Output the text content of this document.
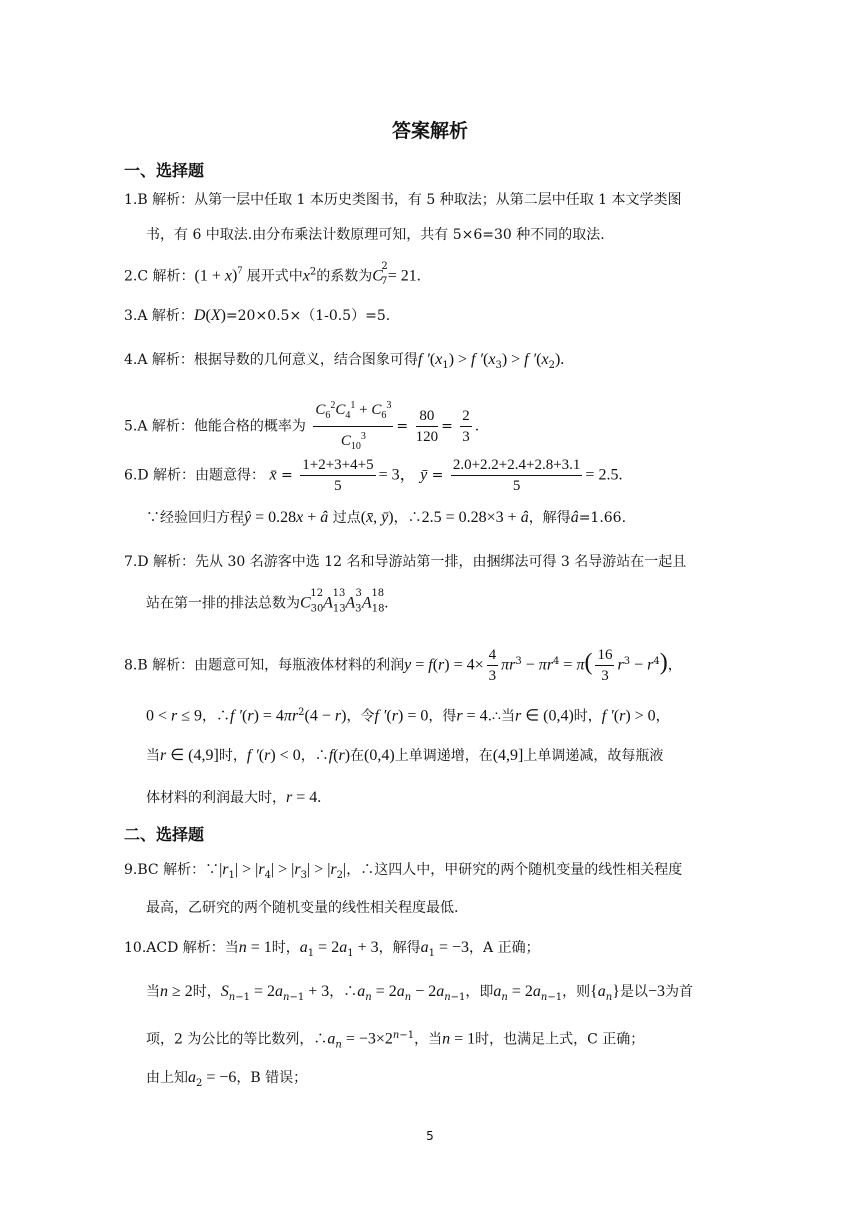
答案解析
一、选择题
1.B 解析：从第一层中任取 1 本历史类图书，有 5 种取法；从第二层中任取 1 本文学类图
书，有 6 中取法.由分布乘法计数原理可知，共有 5×6=30 种不同的取法.
2.C 解析：$(1 + x)^7$ 展开式中$x^2$的系数为$C_7^2= 21$.
3.A 解析：D(X)=20×0.5×（1-0.5）=5.
4.A 解析：根据导数的几何意义，结合图象可得f $'(x_1) > f$ $'(x_3) > f$ $'(x_2)$.
5.A 解析：他能合格的概率为 $\frac{C_6^2C_4^1 + C_6^3}{C_{10}^3} = \frac{80}{120} = \frac{2}{3}$ .
6.D 解析：由题意得： x̄ = $\frac{1+2+3+4+5}{5} = 3$， ȳ = $\frac{2.0+2.2+2.4+2.8+3.1}{5} = 2.5$.
∵经验回归方程ŷ = 0.28x + â 过点(x̄, ȳ)，∴2.5 = 0.28×3 + â，解得â=1.66.
7.D 解析：先从 30 名游客中选 12 名和导游站第一排，由捆绑法可得 3 名导游站在一起且
站在第一排的排法总数为$C_{30}^{12}A_{13}^{13}A_3^3A_{18}^{18}$.
8.B 解析：由题意可知，每瓶液体材料的利润$y = f(r) = 4\times \frac{4}{3} \pi r^3 - \pi r^4 = \pi( \frac{16}{3} r^3 - r^4)$，
0 < r ≤ 9，∴f $'(r) = 4\pi r^2(4 - r)$，令f ′(r) = 0，得r = 4.∴当r ∈ (0,4)时，f ′(r) > 0，
当r ∈ (4,9]时，f ′(r) < 0，∴f(r)在(0,4)上单调递增，在(4,9]上单调递减，故每瓶液
体材料的利润最大时，r = 4.
二、选择题
9.BC 解析：$\because|r_1| > |r_4| > |r_3| > |r_2|$，∴这四人中，甲研究的两个随机变量的线性相关程度
最高，乙研究的两个随机变量的线性相关程度最低.
10.ACD 解析：当n = 1时，$a_1 = 2a_1 + 3$，解得$a_1 = -3$，A 正确；
当n ≥ 2时，$S_{n-1} = 2a_{n-1} + 3$，$\therefore a_n = 2a_n - 2a_{n-1}$，即$a_n = 2a_{n-1}$，则$\{a_n\}$是以−3为首
项，2 为公比的等比数列，$\therefore a_n = -3\times 2^{n-1}$，当n = 1时，也满足上式，C 正确；
由上知$a_2 = -6$，B 错误；
5
